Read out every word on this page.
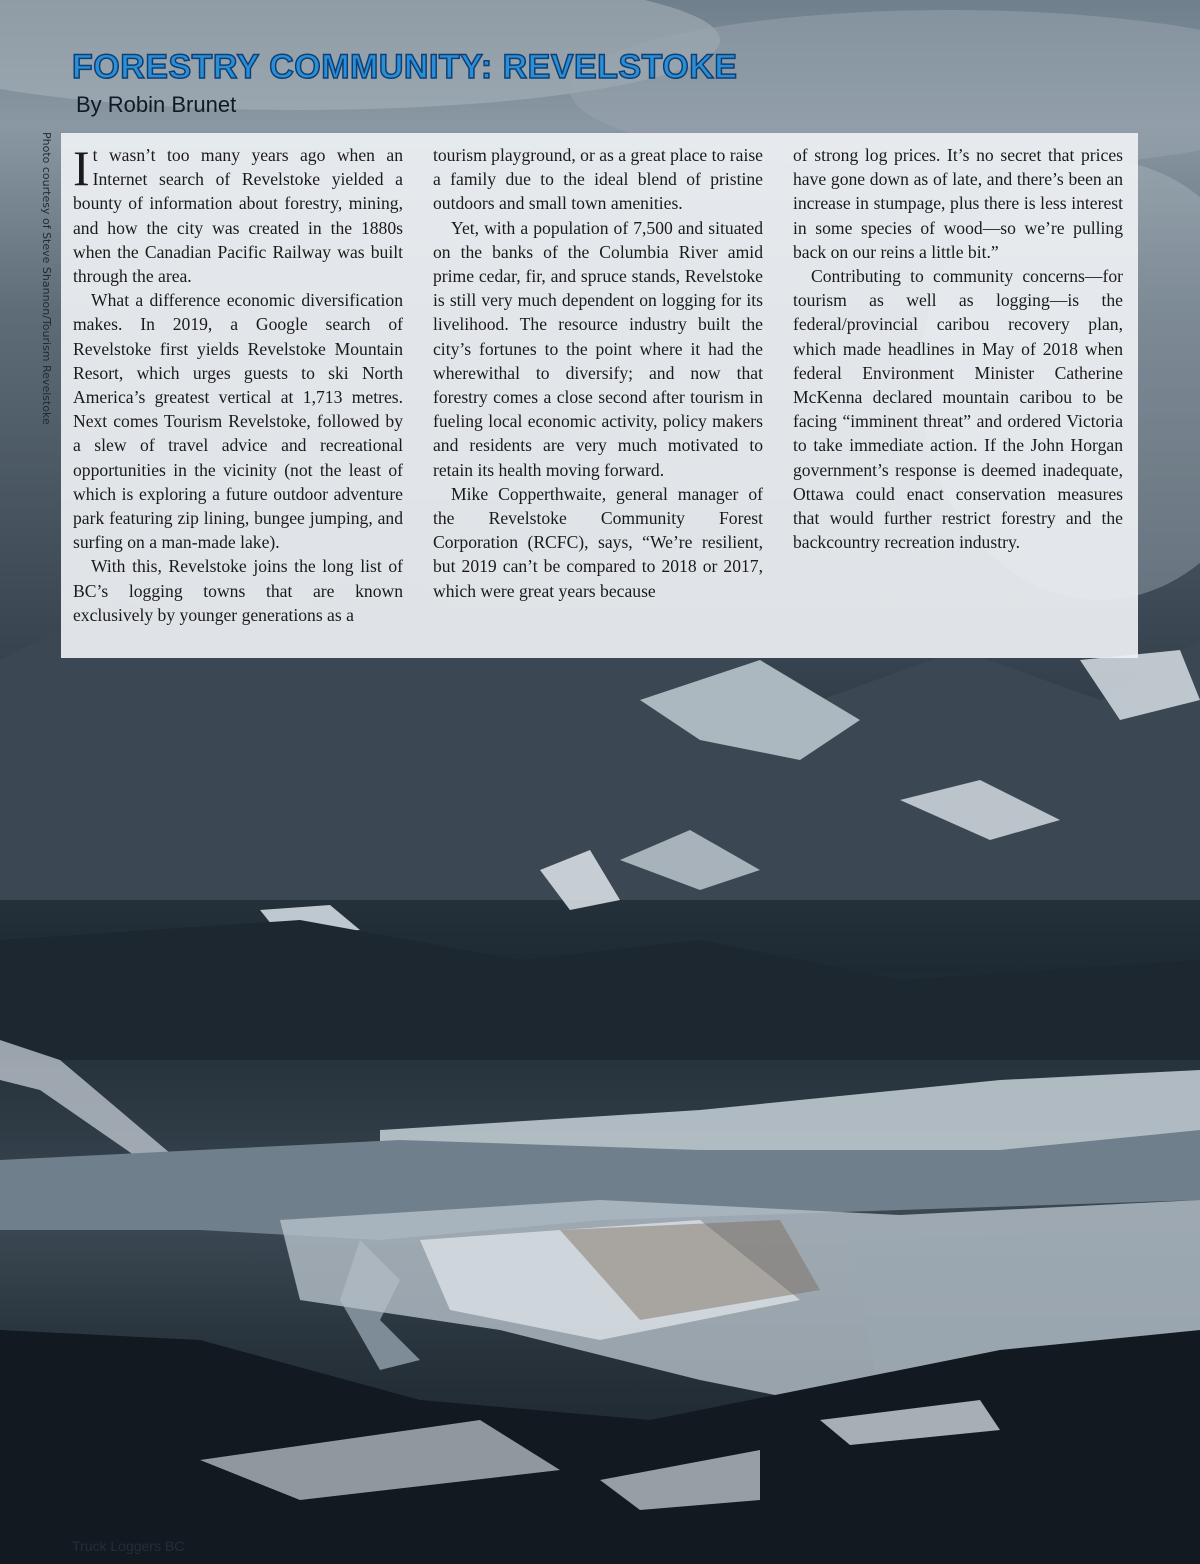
Photo courtesy of Steve Shannon/Tourism Revelstoke
FORESTRY COMMUNITY: REVELSTOKE
By Robin Brunet

It wasn’t too many years ago when an Internet search of Revelstoke yielded a bounty of information about forestry, mining, and how the city was created in the 1880s when the Canadian Pacific Railway was built through the area.

What a difference economic diversification makes. In 2019, a Google search of Revelstoke first yields Revelstoke Mountain Resort, which urges guests to ski North America’s greatest vertical at 1,713 metres. Next comes Tourism Revelstoke, followed by a slew of travel advice and recreational opportunities in the vicinity (not the least of which is exploring a future outdoor adventure park featuring zip lining, bungee jumping, and surfing on a man-made lake).

With this, Revelstoke joins the long list of BC’s logging towns that are known exclusively by younger generations as a

tourism playground, or as a great place to raise a family due to the ideal blend of pristine outdoors and small town amenities.

Yet, with a population of 7,500 and situated on the banks of the Columbia River amid prime cedar, fir, and spruce stands, Revelstoke is still very much dependent on logging for its livelihood. The resource industry built the city’s fortunes to the point where it had the wherewithal to diversify; and now that forestry comes a close second after tourism in fueling local economic activity, policy makers and residents are very much motivated to retain its health moving forward.

Mike Copperthwaite, general manager of the Revelstoke Community Forest Corporation (RCFC), says, “We’re resilient, but 2019 can’t be compared to 2018 or 2017, which were great years because

of strong log prices. It’s no secret that prices have gone down as of late, and there’s been an increase in stumpage, plus there is less interest in some species of wood—so we’re pulling back on our reins a little bit.”

Contributing to community concerns—for tourism as well as logging—is the federal/provincial caribou recovery plan, which made headlines in May of 2018 when federal Environment Minister Catherine McKenna declared mountain caribou to be facing “imminent threat” and ordered Victoria to take immediate action. If the John Horgan government’s response is deemed inadequate, Ottawa could enact conservation measures that would further restrict forestry and the backcountry recreation industry.

Truck Loggers BC
